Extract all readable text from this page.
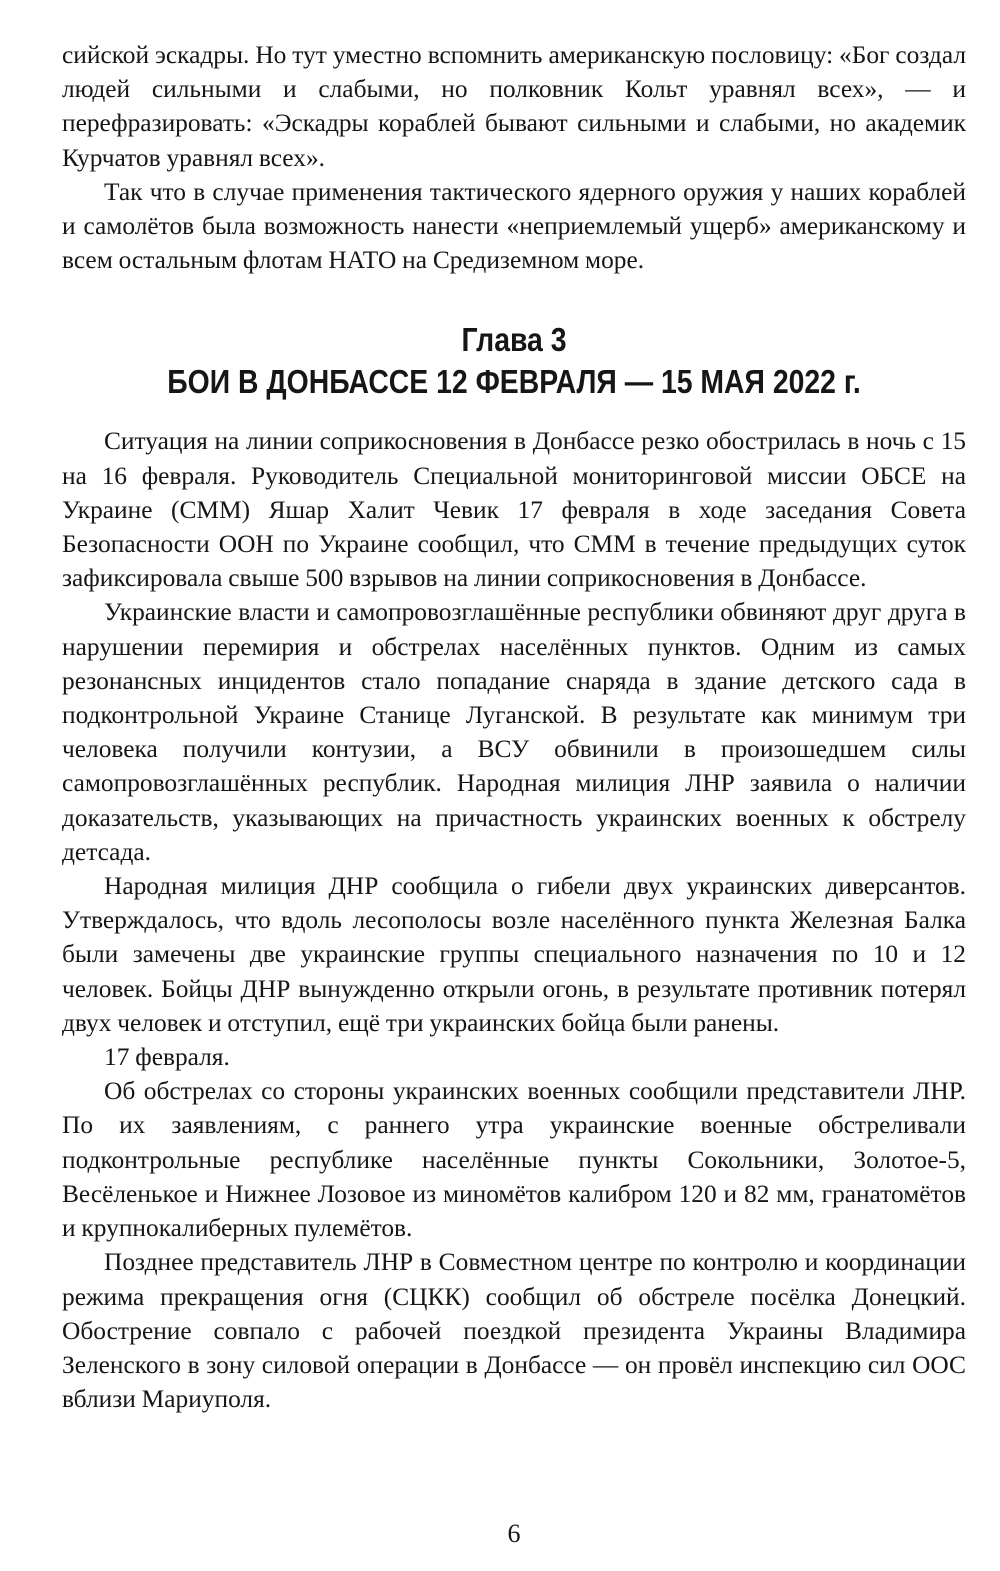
сийской эскадры. Но тут уместно вспомнить американскую пословицу: «Бог создал людей сильными и слабыми, но полковник Кольт уравнял всех», — и перефразировать: «Эскадры кораблей бывают сильными и слабыми, но академик Курчатов уравнял всех».

Так что в случае применения тактического ядерного оружия у наших кораблей и самолётов была возможность нанести «неприемлемый ущерб» американскому и всем остальным флотам НАТО на Средиземном море.

Глава 3
БОИ В ДОНБАССЕ 12 ФЕВРАЛЯ — 15 МАЯ 2022 г.

Ситуация на линии соприкосновения в Донбассе резко обострилась в ночь с 15 на 16 февраля. Руководитель Специальной мониторинговой миссии ОБСЕ на Украине (СММ) Яшар Халит Чевик 17 февраля в ходе заседания Совета Безопасности ООН по Украине сообщил, что СММ в течение предыдущих суток зафиксировала свыше 500 взрывов на линии соприкосновения в Донбассе.

Украинские власти и самопровозглашённые республики обвиняют друг друга в нарушении перемирия и обстрелах населённых пунктов. Одним из самых резонансных инцидентов стало попадание снаряда в здание детского сада в подконтрольной Украине Станице Луганской. В результате как минимум три человека получили контузии, а ВСУ обвинили в произошедшем силы самопровозглашённых республик. Народная милиция ЛНР заявила о наличии доказательств, указывающих на причастность украинских военных к обстрелу детсада.

Народная милиция ДНР сообщила о гибели двух украинских диверсантов. Утверждалось, что вдоль лесополосы возле населённого пункта Железная Балка были замечены две украинские группы специального назначения по 10 и 12 человек. Бойцы ДНР вынужденно открыли огонь, в результате противник потерял двух человек и отступил, ещё три украинских бойца были ранены.

17 февраля.

Об обстрелах со стороны украинских военных сообщили представители ЛНР. По их заявлениям, с раннего утра украинские военные обстреливали подконтрольные республике населённые пункты Сокольники, Золотое-5, Весёленькое и Нижнее Лозовое из миномётов калибром 120 и 82 мм, гранатомётов и крупнокалиберных пулемётов.

Позднее представитель ЛНР в Совместном центре по контролю и координации режима прекращения огня (СЦКК) сообщил об обстреле посёлка Донецкий. Обострение совпало с рабочей поездкой президента Украины Владимира Зеленского в зону силовой операции в Донбассе — он провёл инспекцию сил ООС вблизи Мариуполя.

6
